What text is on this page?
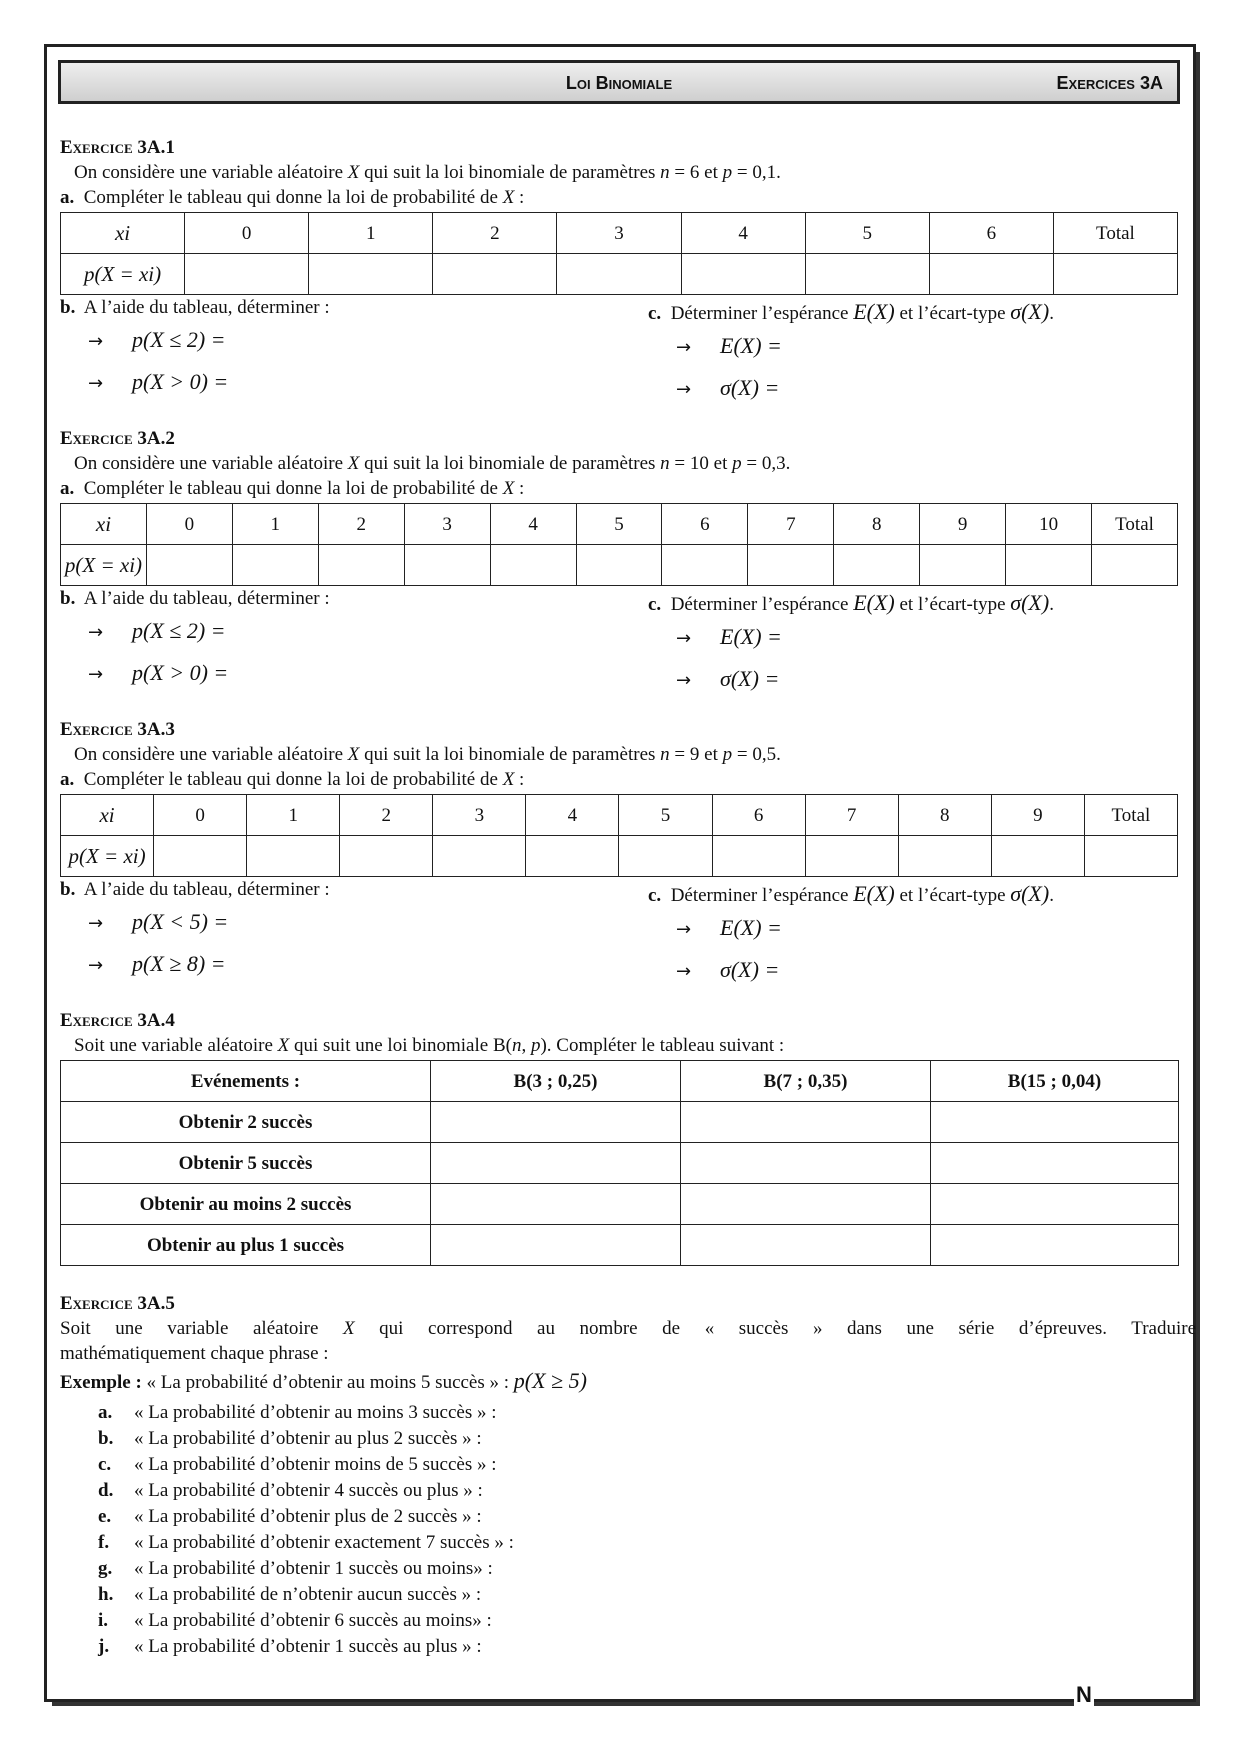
N
Loi Binomiale	Exercices 3A
Exercice 3A.1
On considère une variable aléatoire X qui suit la loi binomiale de paramètres n = 6 et p = 0,1.
a. Compléter le tableau qui donne la loi de probabilité de X :
xi	0	1	2	3	4	5	6	Total
p(X = xi)								
b. A l’aide du tableau, déterminer :
→ p(X ≤ 2) =
→ p(X > 0) =
c. Déterminer l’espérance E(X) et l’écart-type σ(X).
→ E(X) =
→ σ(X) =
Exercice 3A.2
On considère une variable aléatoire X qui suit la loi binomiale de paramètres n = 10 et p = 0,3.
a. Compléter le tableau qui donne la loi de probabilité de X :
xi	0	1	2	3	4	5	6	7	8	9	10	Total
p(X = xi)												
b. A l’aide du tableau, déterminer :
→ p(X ≤ 2) =
→ p(X > 0) =
c. Déterminer l’espérance E(X) et l’écart-type σ(X).
→ E(X) =
→ σ(X) =
Exercice 3A.3
On considère une variable aléatoire X qui suit la loi binomiale de paramètres n = 9 et p = 0,5.
a. Compléter le tableau qui donne la loi de probabilité de X :
xi	0	1	2	3	4	5	6	7	8	9	Total
p(X = xi)											
b. A l’aide du tableau, déterminer :
→ p(X < 5) =
→ p(X ≥ 8) =
c. Déterminer l’espérance E(X) et l’écart-type σ(X).
→ E(X) =
→ σ(X) =
Exercice 3A.4
Soit une variable aléatoire X qui suit une loi binomiale B(n, p). Compléter le tableau suivant :
Evénements :	B(3 ; 0,25)	B(7 ; 0,35)	B(15 ; 0,04)
Obtenir 2 succès			
Obtenir 5 succès			
Obtenir au moins 2 succès			
Obtenir au plus 1 succès			
Exercice 3A.5
Soit une variable aléatoire X qui correspond au nombre de « succès » dans une série d’épreuves. Traduire
mathématiquement chaque phrase :
Exemple : « La probabilité d’obtenir au moins 5 succès » : p(X ≥ 5)
a. « La probabilité d’obtenir au moins 3 succès » :
b. « La probabilité d’obtenir au plus 2 succès » :
c. « La probabilité d’obtenir moins de 5 succès » :
d. « La probabilité d’obtenir 4 succès ou plus » :
e. « La probabilité d’obtenir plus de 2 succès » :
f. « La probabilité d’obtenir exactement 7 succès » :
g. « La probabilité d’obtenir 1 succès ou moins» :
h. « La probabilité de n’obtenir aucun succès » :
i. « La probabilité d’obtenir 6 succès au moins» :
j. « La probabilité d’obtenir 1 succès au plus » :
